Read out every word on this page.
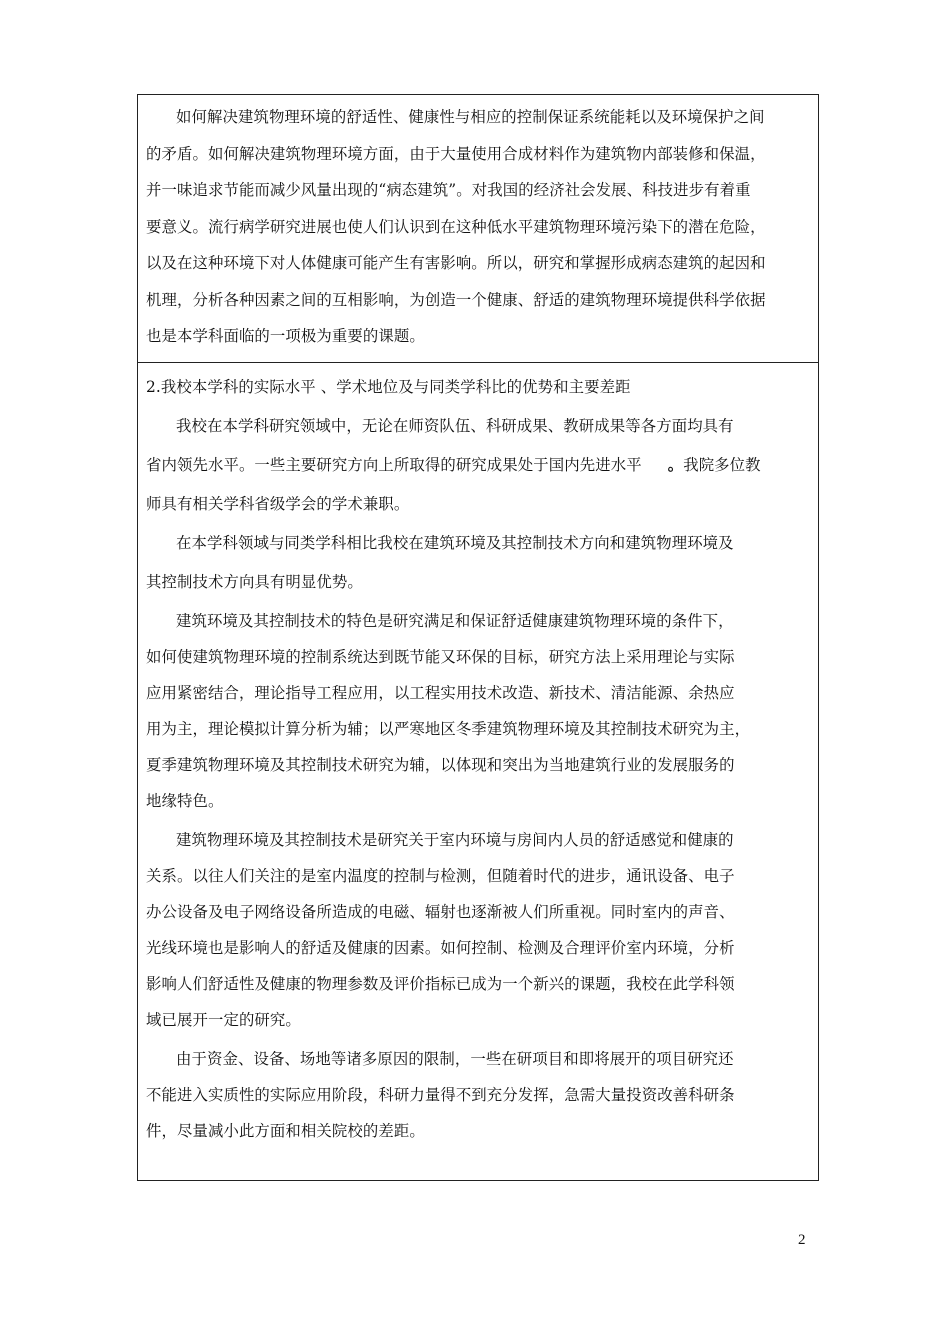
如何解决建筑物理环境的舒适性、健康性与相应的控制保证系统能耗以及环境保护之间

的矛盾。如何解决建筑物理环境方面，由于大量使用合成材料作为建筑物内部装修和保温，

并一味追求节能而减少风量出现的“病态建筑”。对我国的经济社会发展、科技进步有着重

要意义。流行病学研究进展也使人们认识到在这种低水平建筑物理环境污染下的潜在危险，

以及在这种环境下对人体健康可能产生有害影响。所以，研究和掌握形成病态建筑的起因和

机理，分析各种因素之间的互相影响，为创造一个健康、舒适的建筑物理环境提供科学依据

也是本学科面临的一项极为重要的课题。

2.我校本学科的实际水平 、学术地位及与同类学科比的优势和主要差距

我校在本学科研究领域中，无论在师资队伍、科研成果、教研成果等各方面均具有

省内领先水平。一些主要研究方向上所取得的研究成果处于国内先进水平 。我院多位教

师具有相关学科省级学会的学术兼职。

在本学科领域与同类学科相比我校在建筑环境及其控制技术方向和建筑物理环境及

其控制技术方向具有明显优势。

建筑环境及其控制技术的特色是研究满足和保证舒适健康建筑物理环境的条件下，

如何使建筑物理环境的控制系统达到既节能又环保的目标，研究方法上采用理论与实际

应用紧密结合，理论指导工程应用，以工程实用技术改造、新技术、清洁能源、余热应

用为主，理论模拟计算分析为辅；以严寒地区冬季建筑物理环境及其控制技术研究为主，

夏季建筑物理环境及其控制技术研究为辅，以体现和突出为当地建筑行业的发展服务的

地缘特色。

建筑物理环境及其控制技术是研究关于室内环境与房间内人员的舒适感觉和健康的

关系。以往人们关注的是室内温度的控制与检测，但随着时代的进步，通讯设备、电子

办公设备及电子网络设备所造成的电磁、辐射也逐渐被人们所重视。同时室内的声音、

光线环境也是影响人的舒适及健康的因素。如何控制、检测及合理评价室内环境，分析

影响人们舒适性及健康的物理参数及评价指标已成为一个新兴的课题，我校在此学科领

域已展开一定的研究。

由于资金、设备、场地等诸多原因的限制，一些在研项目和即将展开的项目研究还

不能进入实质性的实际应用阶段，科研力量得不到充分发挥，急需大量投资改善科研条

件，尽量减小此方面和相关院校的差距。

2
